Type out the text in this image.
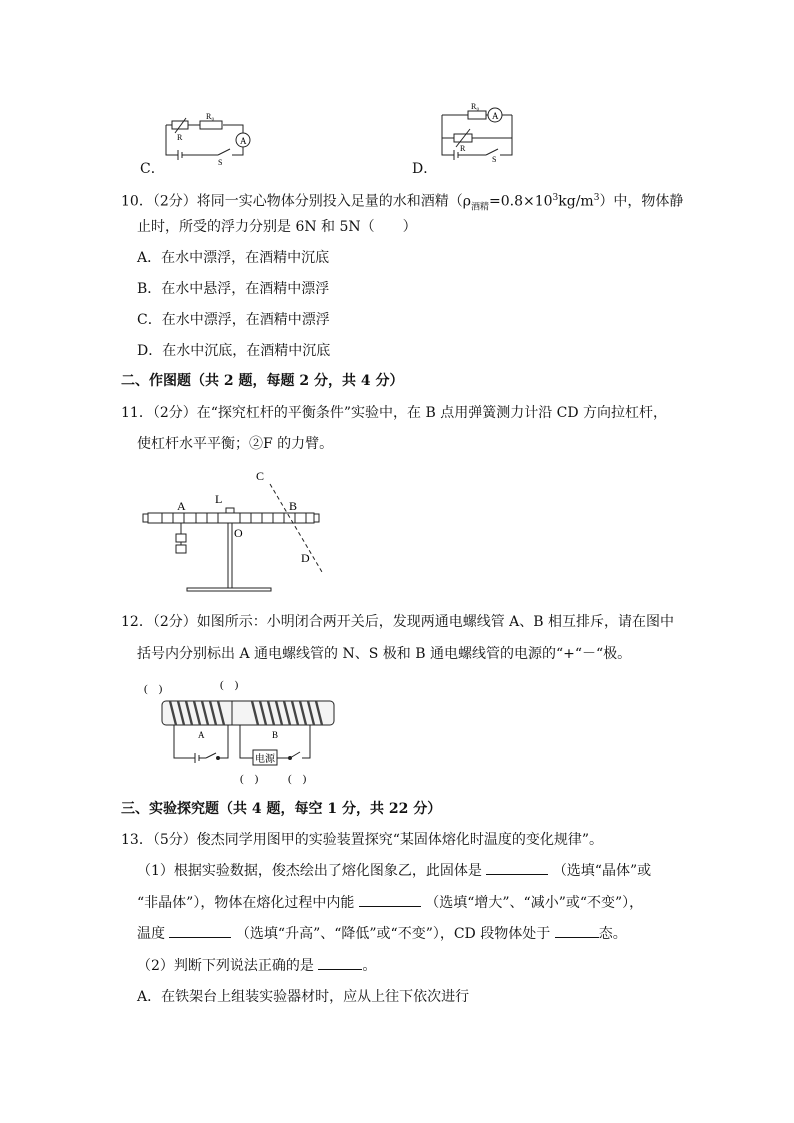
C．
A
R₀
R
S	D．
R₀
A
R
S
10．（2分）将同一实心物体分别投入足量的水和酒精$(\rho_{酒精}=0.8\times 10^3kg/m^3)$中，物体静
止时，所受的浮力分别是 6N 和 5N（　　）
A．在水中漂浮，在酒精中沉底
B．在水中悬浮，在酒精中漂浮
C．在水中漂浮，在酒精中漂浮
D．在水中沉底，在酒精中沉底
二、作图题（共 2 题，每题 2 分，共 4 分）
11．（2分）在“探究杠杆的平衡条件”实验中，在 B 点用弹簧测力计沿 CD 方向拉杠杆，
使杠杆水平平衡；②F 的力臂。
A L	B
C
O
D
12．（2分）如图所示：小明闭合两开关后，发现两通电螺线管 A、B 相互排斥，请在图中
括号内分别标出 A 通电螺线管的 N、S 极和 B 通电螺线管的电源的“+“－“极。
(　)	(　)
A	B
电源
(　)	(　)
三、实验探究题（共 4 题，每空 1 分，共 22 分）
13．（5分）俊杰同学用图甲的实验装置探究“某固体熔化时温度的变化规律”。
（1）根据实验数据，俊杰绘出了熔化图象乙，此固体是	（选填“晶体”或
“非晶体”），物体在熔化过程中内能	（选填“增大”、“减小”或“不变”），
温度	（选填“升高”、“降低”或“不变”），CD 段物体处于	态。
（2）判断下列说法正确的是	。
A．在铁架台上组装实验器材时，应从上往下依次进行
